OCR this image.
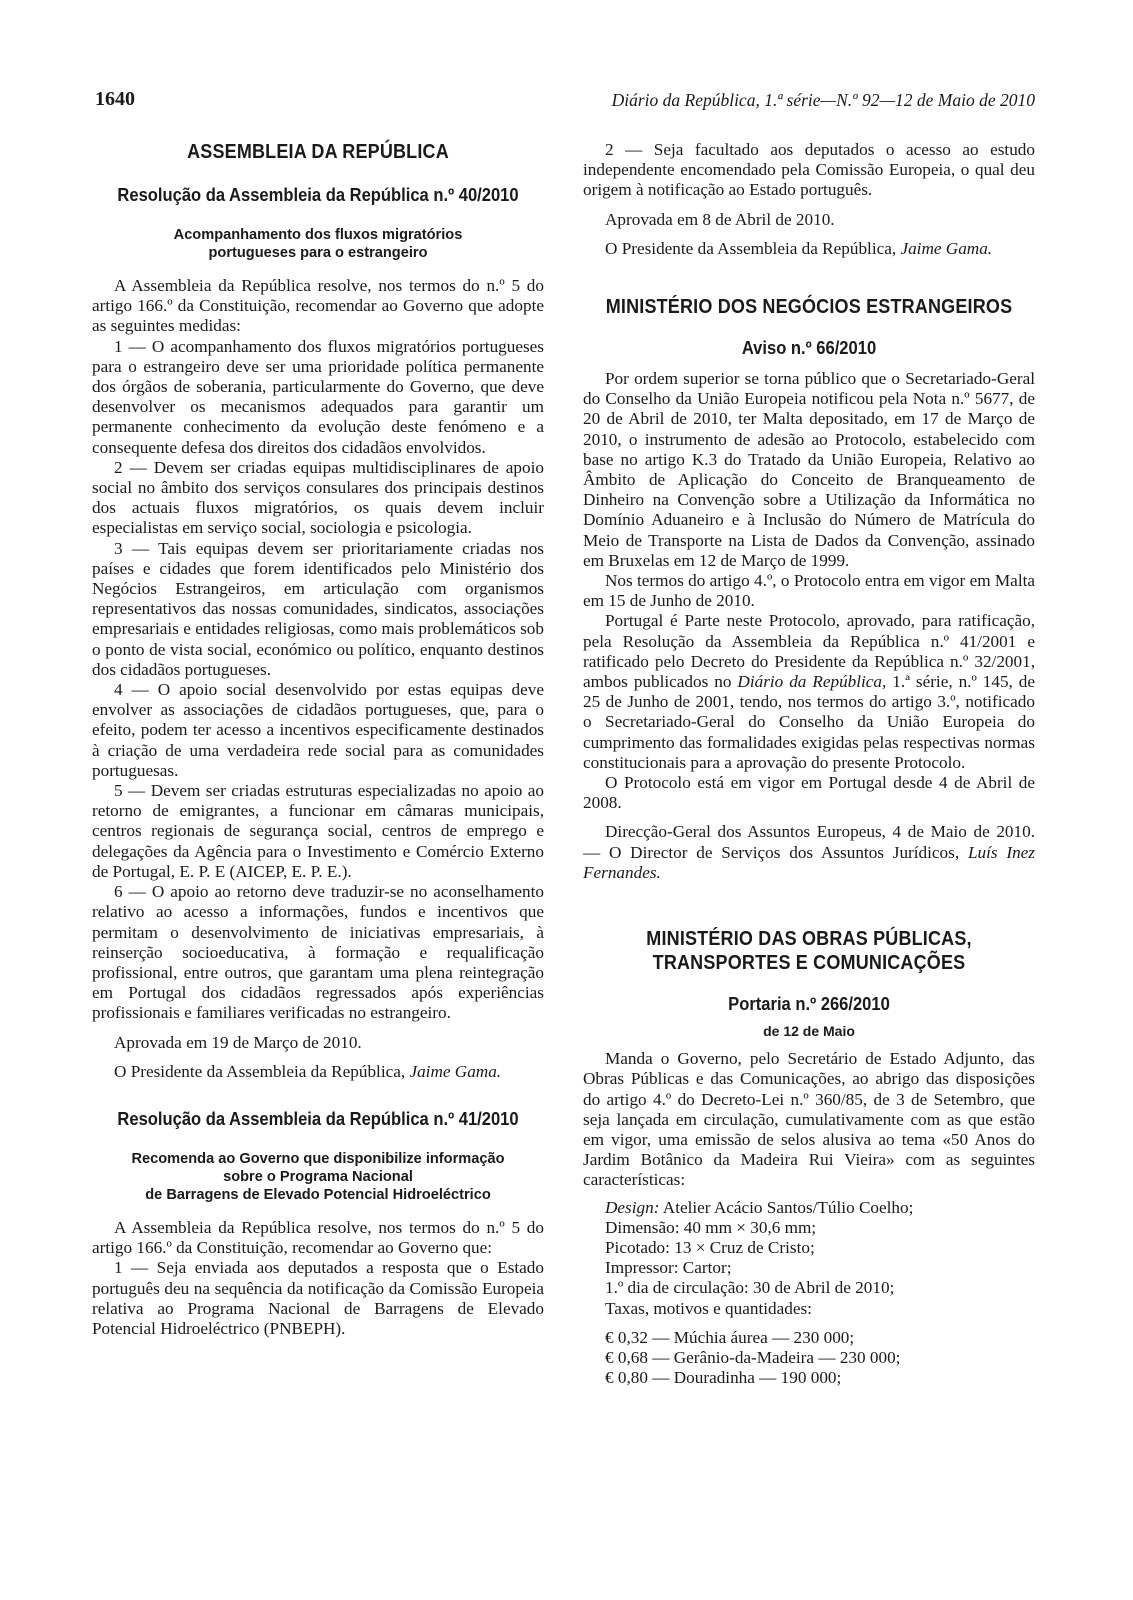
1640	Diário da República, 1.ª série—N.º 92—12 de Maio de 2010
ASSEMBLEIA DA REPÚBLICA
Resolução da Assembleia da República n.º 40/2010
Acompanhamento dos fluxos migratórios
portugueses para o estrangeiro

A Assembleia da República resolve, nos termos do n.º 5 do artigo 166.º da Constituição, recomendar ao Governo que adopte as seguintes medidas:

1 — O acompanhamento dos fluxos migratórios portugueses para o estrangeiro deve ser uma prioridade política permanente dos órgãos de soberania, particularmente do Governo, que deve desenvolver os mecanismos adequados para garantir um permanente conhecimento da evolução deste fenómeno e a consequente defesa dos direitos dos cidadãos envolvidos.

2 — Devem ser criadas equipas multidisciplinares de apoio social no âmbito dos serviços consulares dos principais destinos dos actuais fluxos migratórios, os quais devem incluir especialistas em serviço social, sociologia e psicologia.

3 — Tais equipas devem ser prioritariamente criadas nos países e cidades que forem identificados pelo Ministério dos Negócios Estrangeiros, em articulação com organismos representativos das nossas comunidades, sindicatos, associações empresariais e entidades religiosas, como mais problemáticos sob o ponto de vista social, económico ou político, enquanto destinos dos cidadãos portugueses.

4 — O apoio social desenvolvido por estas equipas deve envolver as associações de cidadãos portugueses, que, para o efeito, podem ter acesso a incentivos especificamente destinados à criação de uma verdadeira rede social para as comunidades portuguesas.

5 — Devem ser criadas estruturas especializadas no apoio ao retorno de emigrantes, a funcionar em câmaras municipais, centros regionais de segurança social, centros de emprego e delegações da Agência para o Investimento e Comércio Externo de Portugal, E. P. E (AICEP, E. P. E.).

6 — O apoio ao retorno deve traduzir-se no aconselhamento relativo ao acesso a informações, fundos e incentivos que permitam o desenvolvimento de iniciativas empresariais, à reinserção socioeducativa, à formação e requalificação profissional, entre outros, que garantam uma plena reintegração em Portugal dos cidadãos regressados após experiências profissionais e familiares verificadas no estrangeiro.

Aprovada em 19 de Março de 2010.

O Presidente da Assembleia da República, Jaime Gama.

Resolução da Assembleia da República n.º 41/2010
Recomenda ao Governo que disponibilize informação
sobre o Programa Nacional
de Barragens de Elevado Potencial Hidroeléctrico

A Assembleia da República resolve, nos termos do n.º 5 do artigo 166.º da Constituição, recomendar ao Governo que:

1 — Seja enviada aos deputados a resposta que o Estado português deu na sequência da notificação da Comissão Europeia relativa ao Programa Nacional de Barragens de Elevado Potencial Hidroeléctrico (PNBEPH).

2 — Seja facultado aos deputados o acesso ao estudo independente encomendado pela Comissão Europeia, o qual deu origem à notificação ao Estado português.

Aprovada em 8 de Abril de 2010.

O Presidente da Assembleia da República, Jaime Gama.

MINISTÉRIO DOS NEGÓCIOS ESTRANGEIROS
Aviso n.º 66/2010

Por ordem superior se torna público que o Secretariado-Geral do Conselho da União Europeia notificou pela Nota n.º 5677, de 20 de Abril de 2010, ter Malta depositado, em 17 de Março de 2010, o instrumento de adesão ao Protocolo, estabelecido com base no artigo K.3 do Tratado da União Europeia, Relativo ao Âmbito de Aplicação do Conceito de Branqueamento de Dinheiro na Convenção sobre a Utilização da Informática no Domínio Aduaneiro e à Inclusão do Número de Matrícula do Meio de Transporte na Lista de Dados da Convenção, assinado em Bruxelas em 12 de Março de 1999.

Nos termos do artigo 4.º, o Protocolo entra em vigor em Malta em 15 de Junho de 2010.

Portugal é Parte neste Protocolo, aprovado, para ratificação, pela Resolução da Assembleia da República n.º 41/2001 e ratificado pelo Decreto do Presidente da República n.º 32/2001, ambos publicados no Diário da República, 1.ª série, n.º 145, de 25 de Junho de 2001, tendo, nos termos do artigo 3.º, notificado o Secretariado-Geral do Conselho da União Europeia do cumprimento das formalidades exigidas pelas respectivas normas constitucionais para a aprovação do presente Protocolo.

O Protocolo está em vigor em Portugal desde 4 de Abril de 2008.

Direcção-Geral dos Assuntos Europeus, 4 de Maio de 2010. — O Director de Serviços dos Assuntos Jurídicos, Luís Inez Fernandes.

MINISTÉRIO DAS OBRAS PÚBLICAS,
TRANSPORTES E COMUNICAÇÕES
Portaria n.º 266/2010
de 12 de Maio

Manda o Governo, pelo Secretário de Estado Adjunto, das Obras Públicas e das Comunicações, ao abrigo das disposições do artigo 4.º do Decreto-Lei n.º 360/85, de 3 de Setembro, que seja lançada em circulação, cumulativamente com as que estão em vigor, uma emissão de selos alusiva ao tema «50 Anos do Jardim Botânico da Madeira Rui Vieira» com as seguintes características:

Design: Atelier Acácio Santos/Túlio Coelho;
Dimensão: 40 mm × 30,6 mm;
Picotado: 13 × Cruz de Cristo;
Impressor: Cartor;
1.º dia de circulação: 30 de Abril de 2010;
Taxas, motivos e quantidades:
€ 0,32 — Múchia áurea — 230 000;
€ 0,68 — Gerânio-da-Madeira — 230 000;
€ 0,80 — Douradinha — 190 000;
